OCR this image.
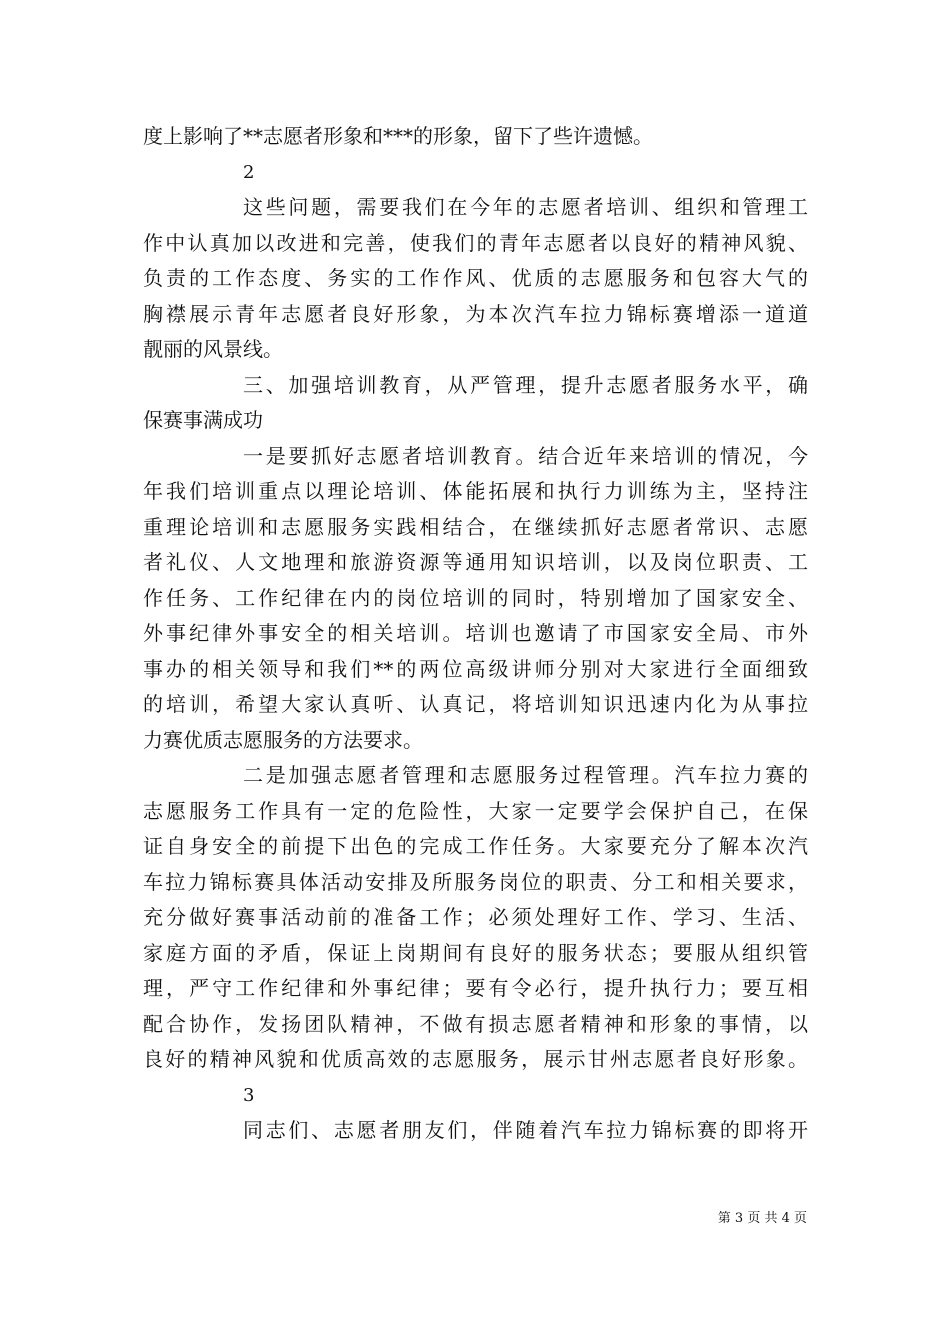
度上影响了**志愿者形象和***的形象，留下了些许遗憾。
2
这些问题，需要我们在今年的志愿者培训、组织和管理工
作中认真加以改进和完善，使我们的青年志愿者以良好的精神风貌、
负责的工作态度、务实的工作作风、优质的志愿服务和包容大气的
胸襟展示青年志愿者良好形象，为本次汽车拉力锦标赛增添一道道
靓丽的风景线。
三、加强培训教育，从严管理，提升志愿者服务水平，确
保赛事满成功
一是要抓好志愿者培训教育。结合近年来培训的情况，今
年我们培训重点以理论培训、体能拓展和执行力训练为主，坚持注
重理论培训和志愿服务实践相结合，在继续抓好志愿者常识、志愿
者礼仪、人文地理和旅游资源等通用知识培训，以及岗位职责、工
作任务、工作纪律在内的岗位培训的同时，特别增加了国家安全、
外事纪律外事安全的相关培训。培训也邀请了市国家安全局、市外
事办的相关领导和我们**的两位高级讲师分别对大家进行全面细致
的培训，希望大家认真听、认真记，将培训知识迅速内化为从事拉
力赛优质志愿服务的方法要求。
二是加强志愿者管理和志愿服务过程管理。汽车拉力赛的
志愿服务工作具有一定的危险性，大家一定要学会保护自己，在保
证自身安全的前提下出色的完成工作任务。大家要充分了解本次汽
车拉力锦标赛具体活动安排及所服务岗位的职责、分工和相关要求，
充分做好赛事活动前的准备工作；必须处理好工作、学习、生活、
家庭方面的矛盾，保证上岗期间有良好的服务状态；要服从组织管
理，严守工作纪律和外事纪律；要有令必行，提升执行力；要互相
配合协作，发扬团队精神，不做有损志愿者精神和形象的事情，以
良好的精神风貌和优质高效的志愿服务，展示甘州志愿者良好形象。
3
同志们、志愿者朋友们，伴随着汽车拉力锦标赛的即将开
第 3 页 共 4 页
